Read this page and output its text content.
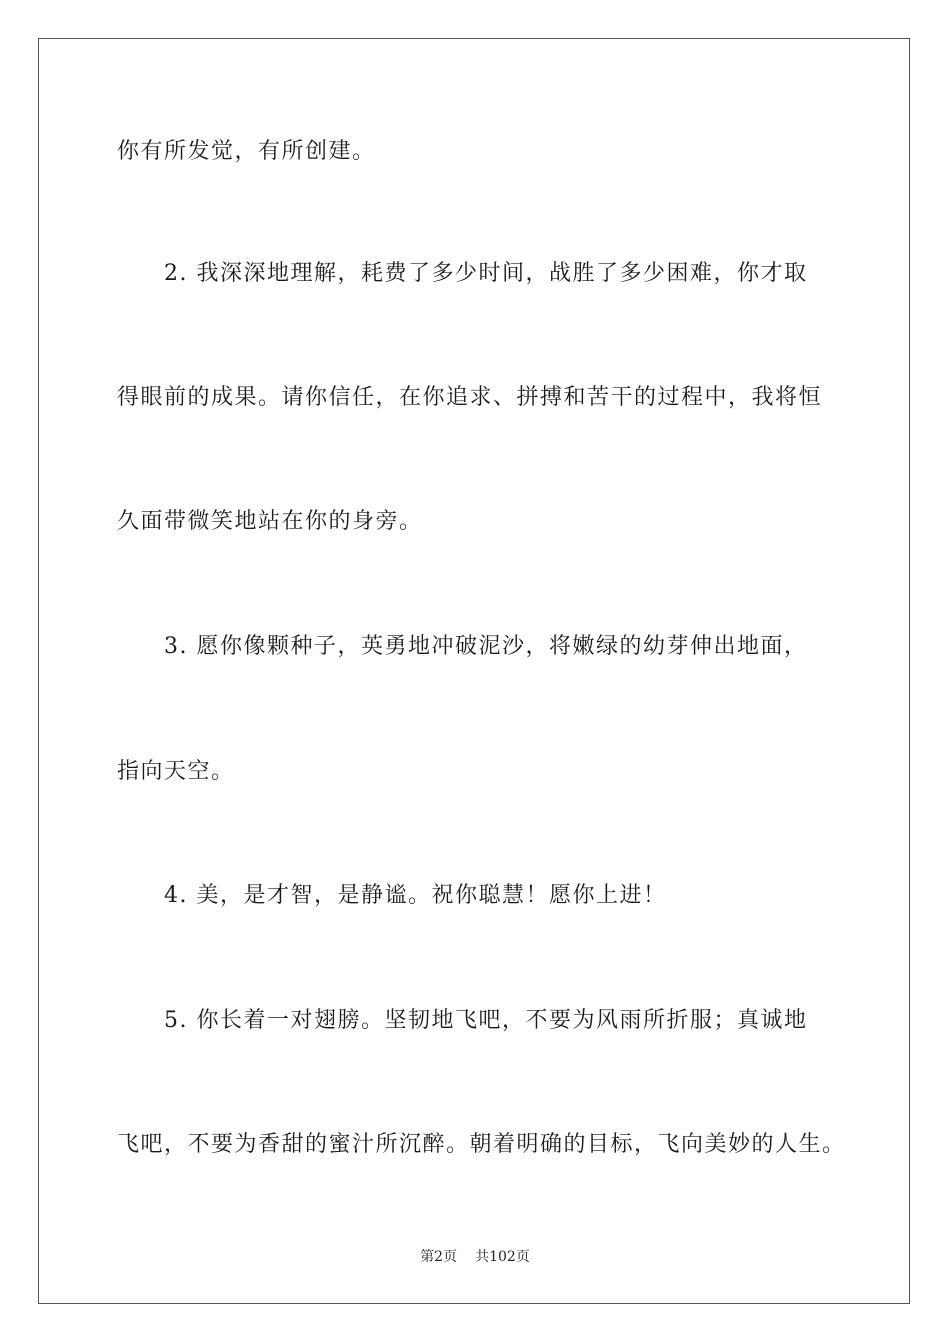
你有所发觉，有所创建。
2. 我深深地理解，耗费了多少时间，战胜了多少困难，你才取
得眼前的成果。请你信任，在你追求、拼搏和苦干的过程中，我将恒
久面带微笑地站在你的身旁。
3. 愿你像颗种子，英勇地冲破泥沙，将嫩绿的幼芽伸出地面，
指向天空。
4. 美，是才智，是静谧。祝你聪慧！愿你上进！
5. 你长着一对翅膀。坚韧地飞吧，不要为风雨所折服；真诚地
飞吧，不要为香甜的蜜汁所沉醉。朝着明确的目标，飞向美妙的人生。
第2页 共102页
